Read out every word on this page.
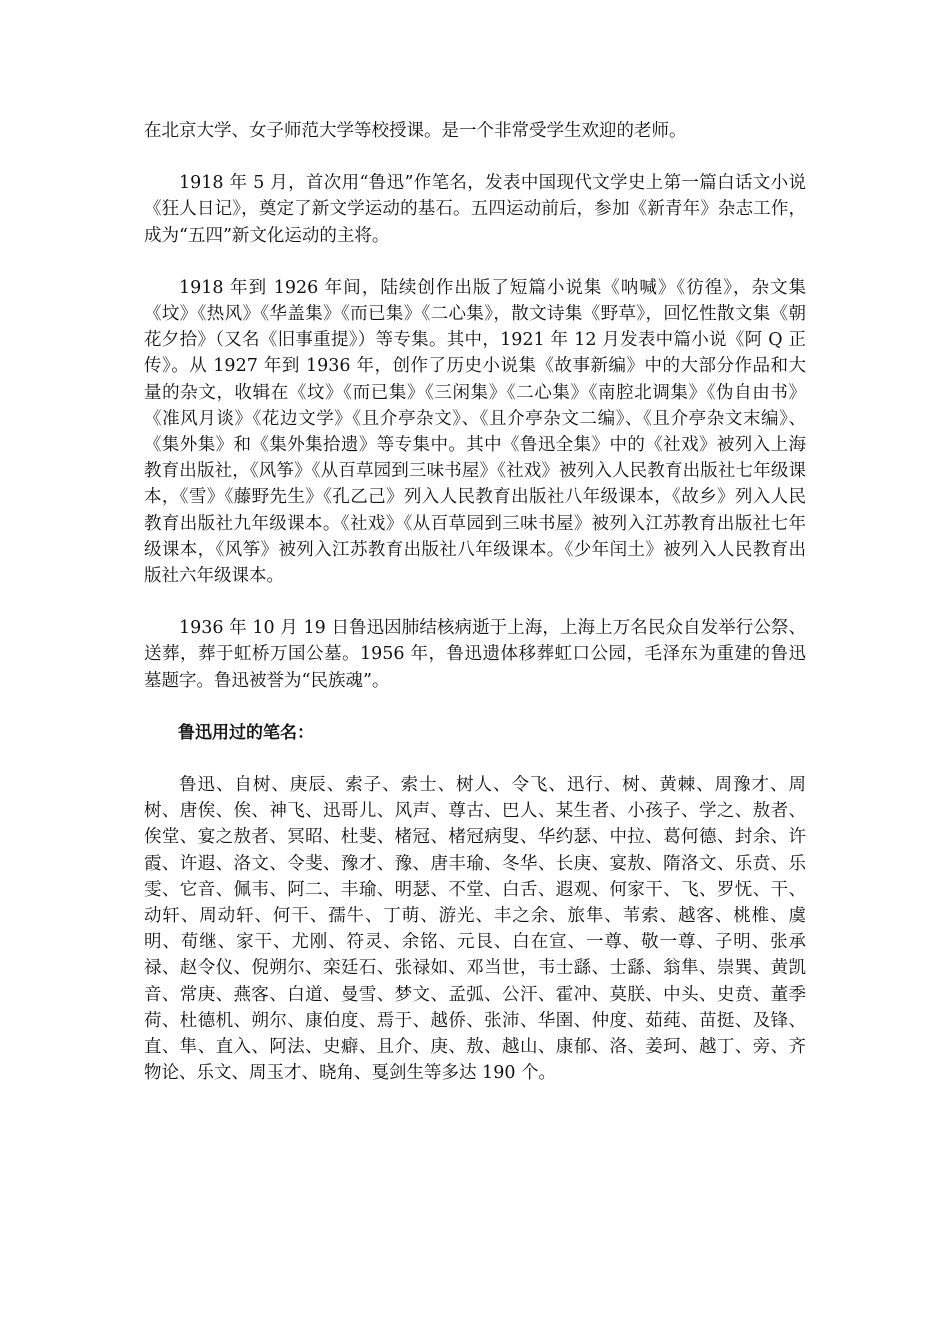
在北京大学、女子师范大学等校授课。是一个非常受学生欢迎的老师。

1918 年 5 月，首次用“鲁迅”作笔名，发表中国现代文学史上第一篇白话文小说《狂人日记》，奠定了新文学运动的基石。五四运动前后，参加《新青年》杂志工作，成为“五四”新文化运动的主将。

1918 年到 1926 年间，陆续创作出版了短篇小说集《呐喊》《彷徨》，杂文集《坟》《热风》《华盖集》《而已集》《二心集》，散文诗集《野草》，回忆性散文集《朝花夕拾》（又名《旧事重提》）等专集。其中，1921 年 12 月发表中篇小说《阿 Q 正传》。从 1927 年到 1936 年，创作了历史小说集《故事新编》中的大部分作品和大量的杂文，收辑在《坟》《而已集》《三闲集》《二心集》《南腔北调集》《伪自由书》《准风月谈》《花边文学》《且介亭杂文》、《且介亭杂文二编》、《且介亭杂文末编》、《集外集》和《集外集拾遗》等专集中。其中《鲁迅全集》中的《社戏》被列入上海教育出版社，《风筝》《从百草园到三味书屋》《社戏》被列入人民教育出版社七年级课本，《雪》《藤野先生》《孔乙己》列入人民教育出版社八年级课本，《故乡》列入人民教育出版社九年级课本。《社戏》《从百草园到三味书屋》被列入江苏教育出版社七年级课本，《风筝》被列入江苏教育出版社八年级课本。《少年闰土》被列入人民教育出版社六年级课本。

1936 年 10 月 19 日鲁迅因肺结核病逝于上海，上海上万名民众自发举行公祭、送葬，葬于虹桥万国公墓。1956 年，鲁迅遗体移葬虹口公园，毛泽东为重建的鲁迅墓题字。鲁迅被誉为“民族魂”。

鲁迅用过的笔名：

鲁迅、自树、庚辰、索子、索士、树人、令飞、迅行、树、黄棘、周豫才、周树、唐俟、俟、神飞、迅哥儿、风声、尊古、巴人、某生者、小孩子、学之、敖者、俟堂、宴之敖者、冥昭、杜斐、楮冠、楮冠病叟、华约瑟、中拉、葛何德、封余、许霞、许遐、洛文、令斐、豫才、豫、唐丰瑜、冬华、长庚、宴敖、隋洛文、乐贲、乐雯、它音、佩韦、阿二、丰瑜、明瑟、不堂、白舌、遐观、何家干、飞、罗怃、干、动轩、周动轩、何干、孺牛、丁萌、游光、丰之余、旅隼、苇索、越客、桃椎、虞明、荀继、家干、尤刚、符灵、余铭、元艮、白在宣、一尊、敬一尊、子明、张承禄、赵令仪、倪朔尔、栾廷石、张禄如、邓当世，韦士繇、士繇、翁隼、崇巽、黄凯音、常庚、燕客、白道、曼雪、梦文、孟弧、公汗、霍冲、莫朕、中头、史贲、董季荷、杜德机、朔尔、康伯度、焉于、越侨、张沛、华圉、仲度、茹莼、苗挺、及锋、直、隼、直入、阿法、史癖、且介、庚、敖、越山、康郁、洛、姜珂、越丁、旁、齐物论、乐文、周玉才、晓角、戛剑生等多达 190 个。
